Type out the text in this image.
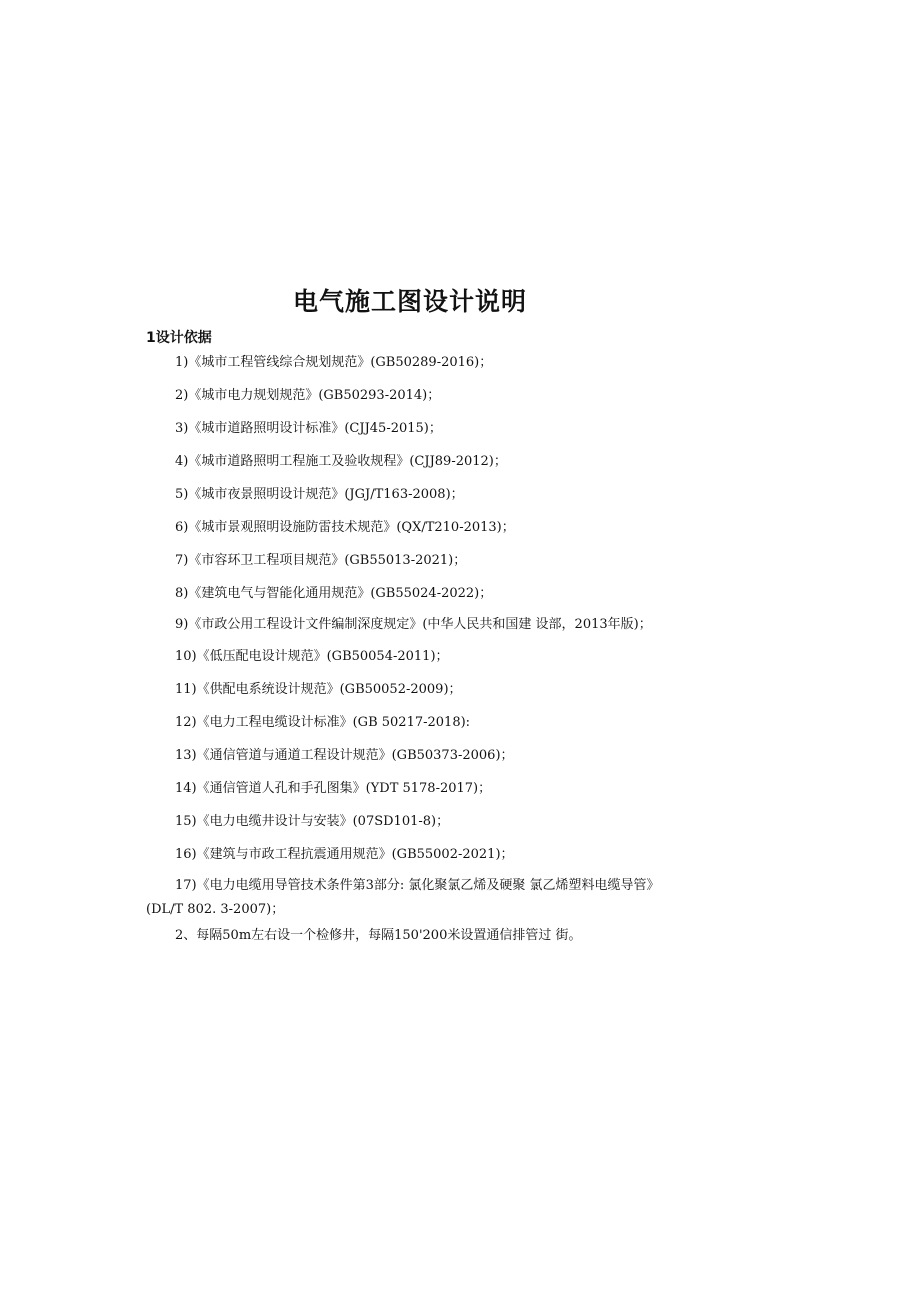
电气施工图设计说明
1设计依据

1)《城市工程管线综合规划规范》(GB50289-2016)；

2)《城市电力规划规范》(GB50293-2014)；

3)《城市道路照明设计标准》(CJJ45-2015)；

4)《城市道路照明工程施工及验收规程》(CJJ89-2012)；

5)《城市夜景照明设计规范》(JGJ/T163-2008)；

6)《城市景观照明设施防雷技术规范》(QX/T210-2013)；

7)《市容环卫工程项目规范》(GB55013-2021)；

8)《建筑电气与智能化通用规范》(GB55024-2022)；

9)《市政公用工程设计文件编制深度规定》(中华人民共和国建 设部，2013年版)；

10)《低压配电设计规范》(GB50054-2011)；

11)《供配电系统设计规范》(GB50052-2009)；

12)《电力工程电缆设计标准》(GB 50217-2018):

13)《通信管道与通道工程设计规范》(GB50373-2006)；

14)《通信管道人孔和手孔图集》(YDT 5178-2017)；

15)《电力电缆井设计与安装》(07SD101-8)；

16)《建筑与市政工程抗震通用规范》(GB55002-2021)；

17)《电力电缆用导管技术条件第3部分: 氯化聚氯乙烯及硬聚 氯乙烯塑料电缆导管》(DL/T 802. 3-2007)；

2、每隔50m左右设一个检修井，每隔150'200米设置通信排管过 街。
